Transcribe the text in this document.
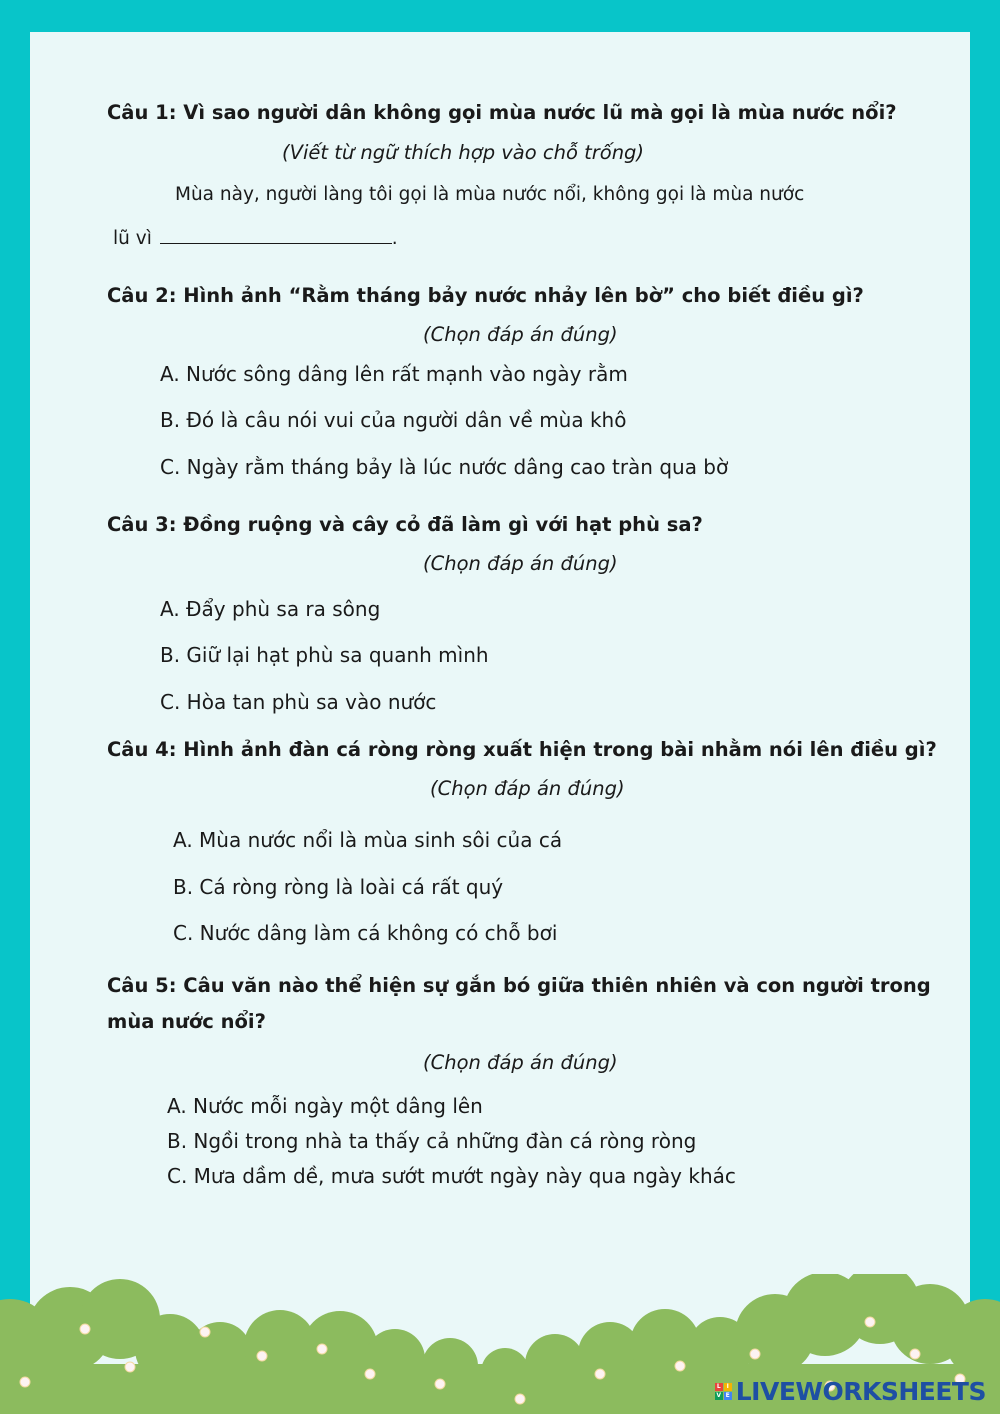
Câu 1: Vì sao người dân không gọi mùa nước lũ mà gọi là mùa nước nổi?

(Viết từ ngữ thích hợp vào chỗ trống)

Mùa này, người làng tôi gọi là mùa nước nổi, không gọi là mùa nước

lũ vì	.

Câu 2: Hình ảnh “Rằm tháng bảy nước nhảy lên bờ” cho biết điều gì?

(Chọn đáp án đúng)

A. Nước sông dâng lên rất mạnh vào ngày rằm

B. Đó là câu nói vui của người dân về mùa khô

C. Ngày rằm tháng bảy là lúc nước dâng cao tràn qua bờ

Câu 3: Đồng ruộng và cây cỏ đã làm gì với hạt phù sa?

(Chọn đáp án đúng)

A. Đẩy phù sa ra sông

B. Giữ lại hạt phù sa quanh mình

C. Hòa tan phù sa vào nước

Câu 4: Hình ảnh đàn cá ròng ròng xuất hiện trong bài nhằm nói lên điều gì?

(Chọn đáp án đúng)

A. Mùa nước nổi là mùa sinh sôi của cá

B. Cá ròng ròng là loài cá rất quý

C. Nước dâng làm cá không có chỗ bơi

Câu 5: Câu văn nào thể hiện sự gắn bó giữa thiên nhiên và con người trong

mùa nước nổi?

(Chọn đáp án đúng)

A. Nước mỗi ngày một dâng lên

B. Ngồi trong nhà ta thấy cả những đàn cá ròng ròng

C. Mưa dầm dề, mưa sướt mướt ngày này qua ngày khác

L I
V E LIVEWORKSHEETS
